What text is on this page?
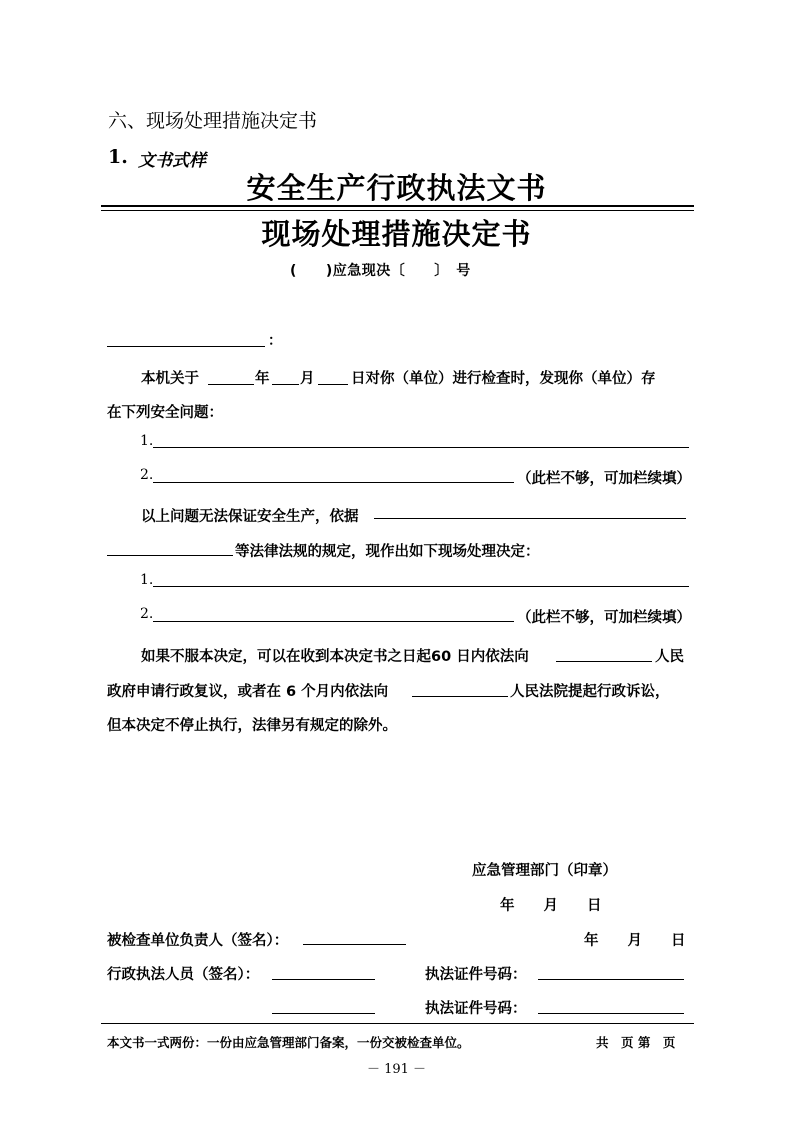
六、现场处理措施决定书
1. 文书式样
安全生产行政执法文书
现场处理措施决定书
(　　)应急现决〔　　〕　号
：
本机关于	年 月	日对你（单位）进行检查时，发现你（单位）存
在下列安全问题：
1.
2.	（此栏不够，可加栏续填）
以上问题无法保证安全生产，依据
等法律法规的规定，现作出如下现场处理决定：
1.
2.	（此栏不够，可加栏续填）
如果不服本决定，可以在收到本决定书之日起60 日内依法向	人民
政府申请行政复议，或者在 6 个月内依法向	人民法院提起行政诉讼，
但本决定不停止执行，法律另有规定的除外。
应急管理部门（印章）
年　　月　　日
被检查单位负责人（签名）：	年　　月　　日
行政执法人员（签名）：	执法证件号码：
执法证件号码：
本文书一式两份：一份由应急管理部门备案，一份交被检查单位。	共　页 第　页
－ 191 －
